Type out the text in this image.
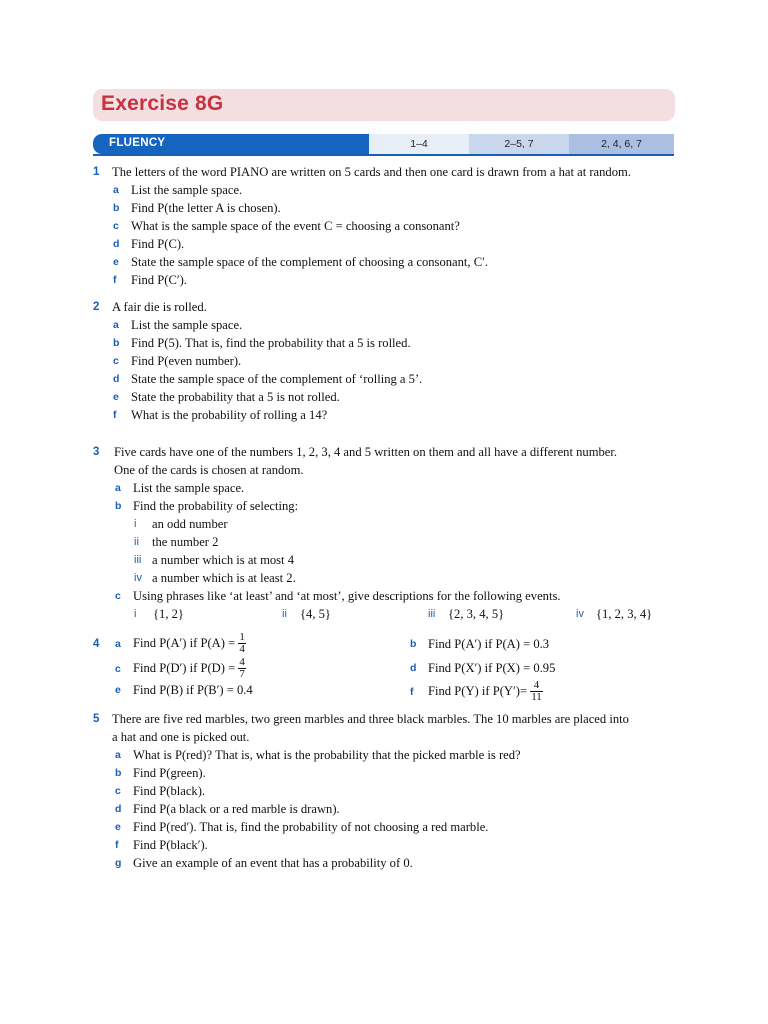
Exercise 8G
FLUENCY	1–4	2–5, 7	2, 4, 6, 7
1 The letters of the word PIANO are written on 5 cards and then one card is drawn from a hat at random.
a List the sample space.
b Find P(the letter A is chosen).
c What is the sample space of the event C = choosing a consonant?
d Find P(C).
e State the sample space of the complement of choosing a consonant, C′.
f Find P(C′).
2 A fair die is rolled.
a List the sample space.
b Find P(5). That is, find the probability that a 5 is rolled.
c Find P(even number).
d State the sample space of the complement of ‘rolling a 5’.
e State the probability that a 5 is not rolled.
f What is the probability of rolling a 14?
3 Five cards have one of the numbers 1, 2, 3, 4 and 5 written on them and all have a different number.
One of the cards is chosen at random.
a List the sample space.
b Find the probability of selecting:
i an odd number
ii the number 2
iii a number which is at most 4
iv a number which is at least 2.
c Using phrases like ‘at least’ and ‘at most’, give descriptions for the following events.
i {1, 2}	ii {4, 5}	iii {2, 3, 4, 5}	iv {1, 2, 3, 4}
4 a Find P(A′) if $P(A) = \frac{1}{4}$	b Find P(A′) if P(A) = 0.3
c Find P(D′) if $P(D) = \frac{4}{7}$	d Find P(X′) if P(X) = 0.95
e Find P(B) if P(B′) = 0.4	f Find P(Y) if $P(Y')= \frac{4}{11}$
5 There are five red marbles, two green marbles and three black marbles. The 10 marbles are placed into
a hat and one is picked out.
a What is P(red)? That is, what is the probability that the picked marble is red?
b Find P(green).
c Find P(black).
d Find P(a black or a red marble is drawn).
e Find P(red′). That is, find the probability of not choosing a red marble.
f Find P(black′).
g Give an example of an event that has a probability of 0.
